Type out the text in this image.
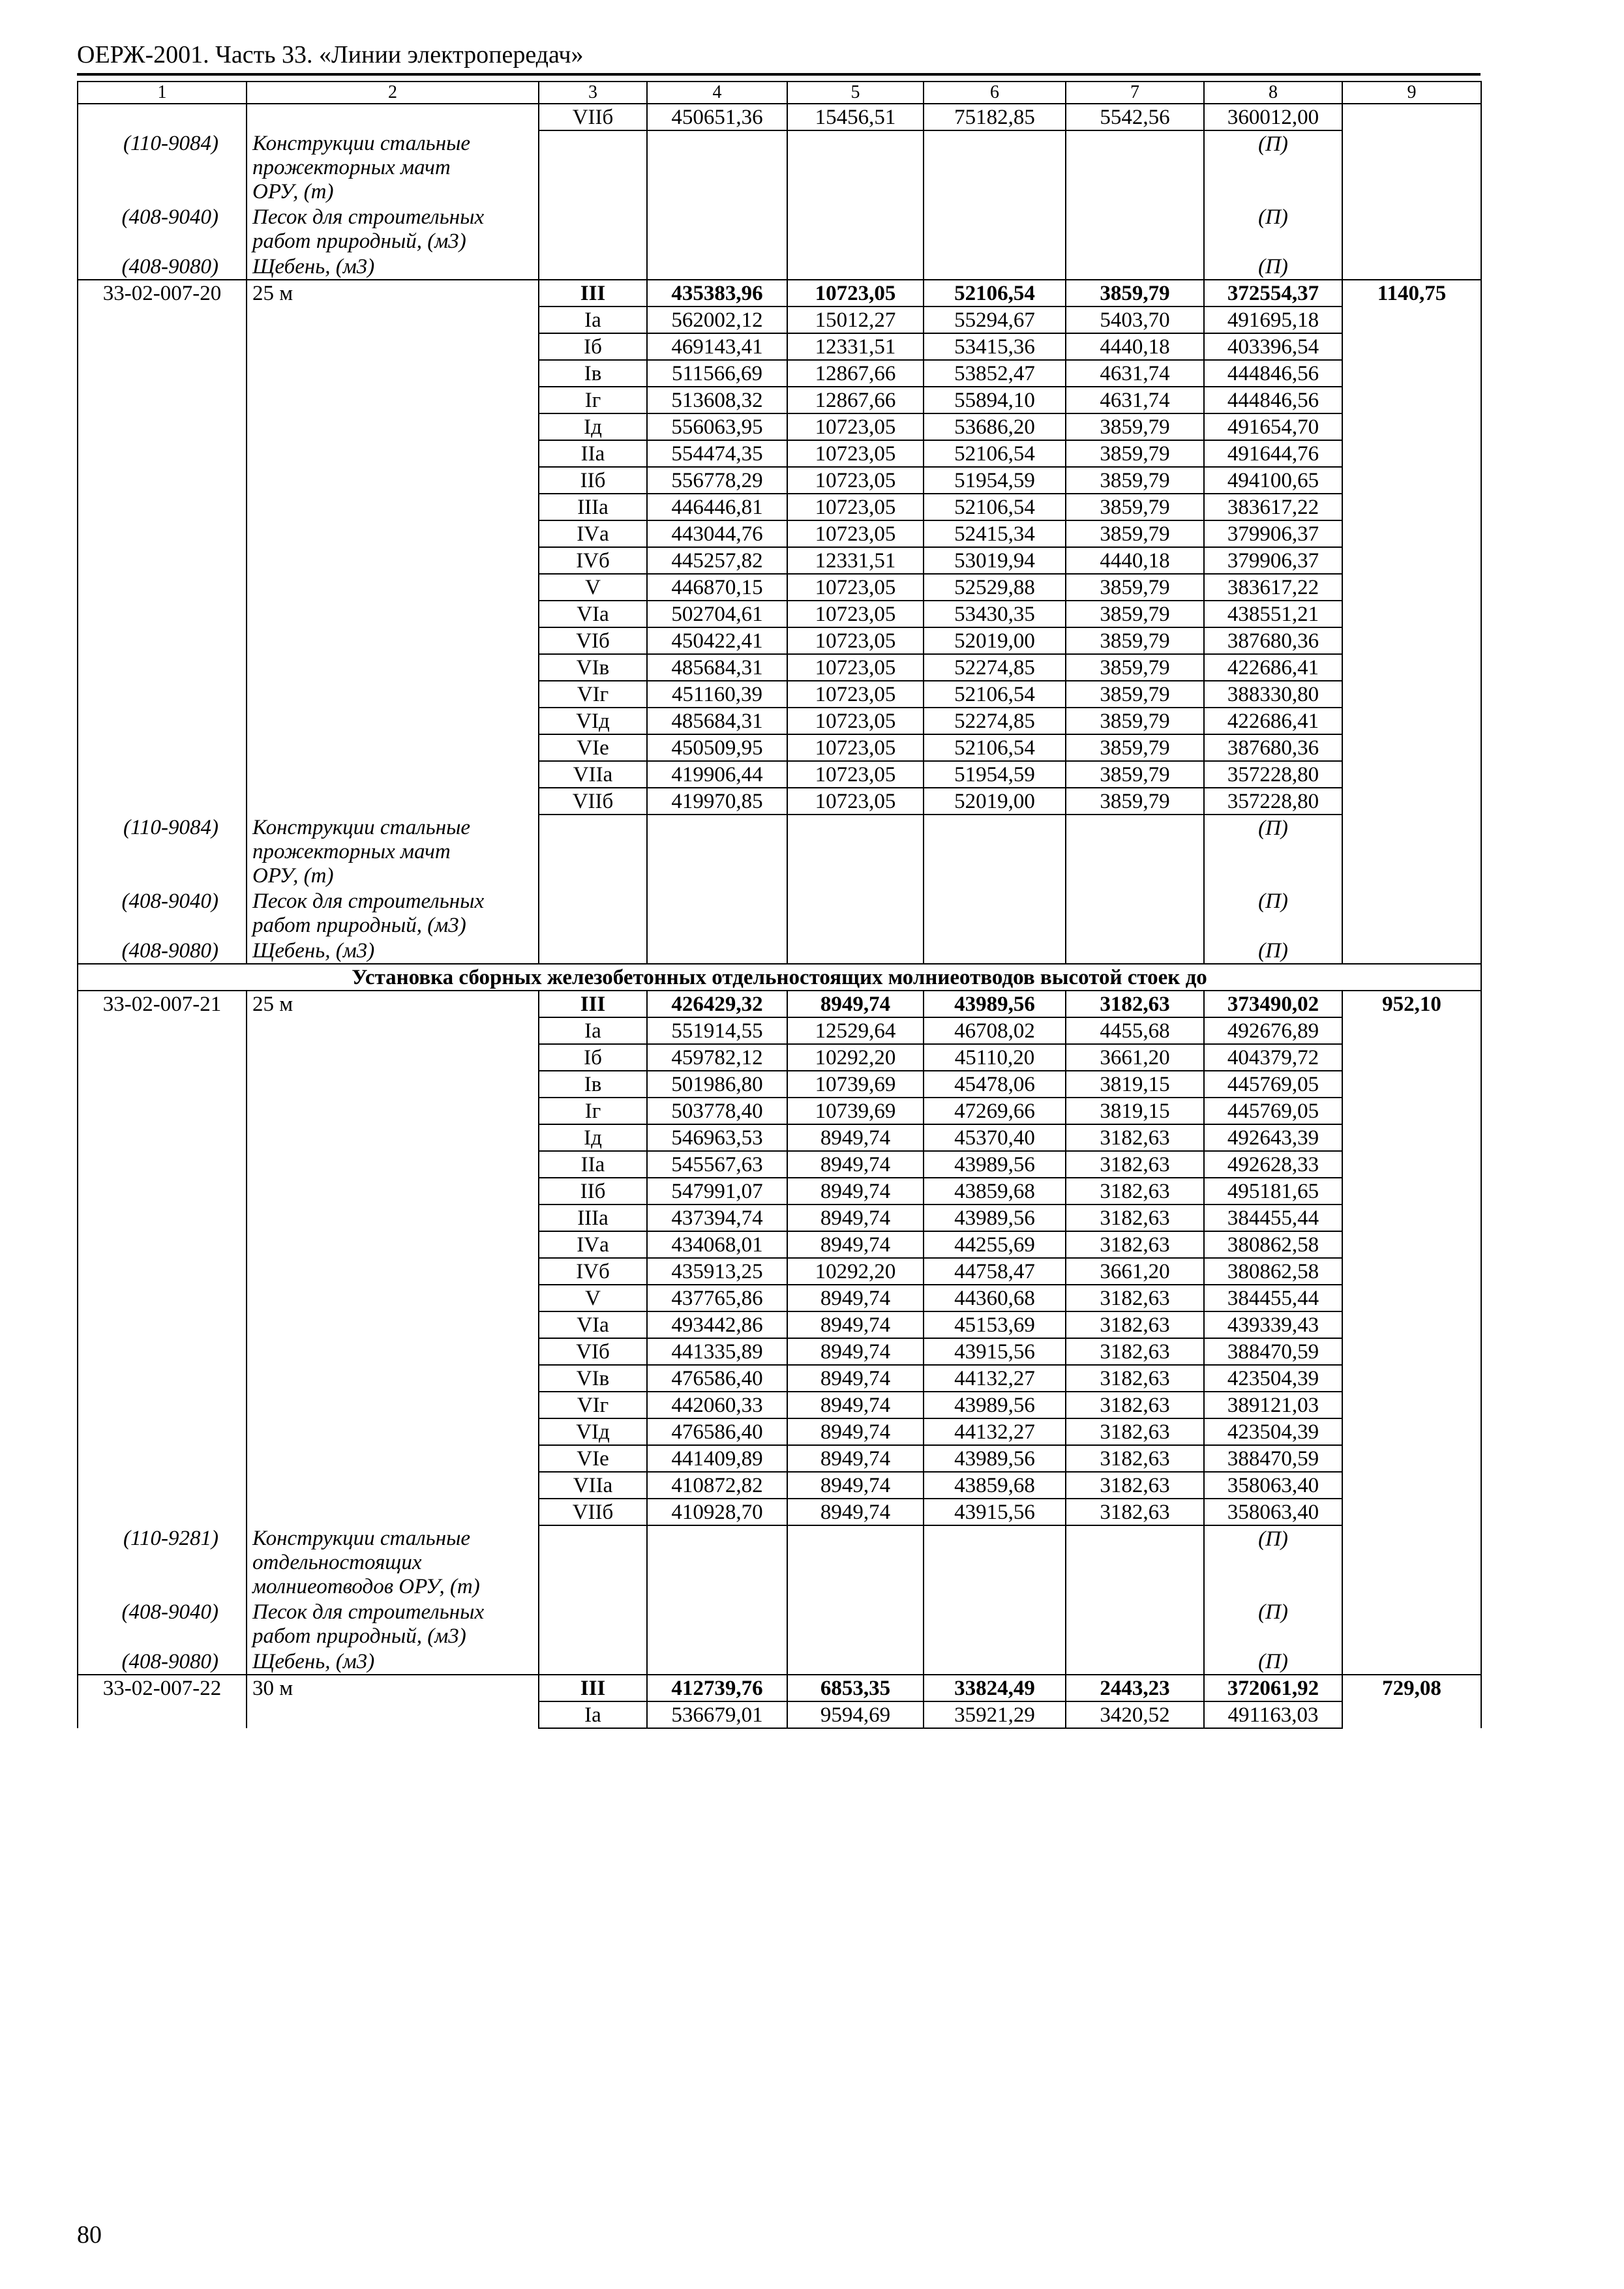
ОЕРЖ-2001. Часть 33. «Линии электропередач»
1	2	3	4	5	6	7	8	9
		VIIб	450651,36	15456,51	75182,85	5542,56	360012,00	
(110-9084)	Конструкции стальные
прожекторных мачт
ОРУ, (т)						(П)	
(408-9040)	Песок для строительных
работ природный, (м3)						(П)	
(408-9080)	Щебень, (м3)						(П)	
33-02-007-20	25 м	III	435383,96	10723,05	52106,54	3859,79	372554,37	1140,75
		Iа	562002,12	15012,27	55294,67	5403,70	491695,18	
		Iб	469143,41	12331,51	53415,36	4440,18	403396,54	
		Iв	511566,69	12867,66	53852,47	4631,74	444846,56	
		Iг	513608,32	12867,66	55894,10	4631,74	444846,56	
		Iд	556063,95	10723,05	53686,20	3859,79	491654,70	
		IIа	554474,35	10723,05	52106,54	3859,79	491644,76	
		IIб	556778,29	10723,05	51954,59	3859,79	494100,65	
		IIIа	446446,81	10723,05	52106,54	3859,79	383617,22	
		IVа	443044,76	10723,05	52415,34	3859,79	379906,37	
		IVб	445257,82	12331,51	53019,94	4440,18	379906,37	
		V	446870,15	10723,05	52529,88	3859,79	383617,22	
		VIа	502704,61	10723,05	53430,35	3859,79	438551,21	
		VIб	450422,41	10723,05	52019,00	3859,79	387680,36	
		VIв	485684,31	10723,05	52274,85	3859,79	422686,41	
		VIг	451160,39	10723,05	52106,54	3859,79	388330,80	
		VIд	485684,31	10723,05	52274,85	3859,79	422686,41	
		VIе	450509,95	10723,05	52106,54	3859,79	387680,36	
		VIIа	419906,44	10723,05	51954,59	3859,79	357228,80	
		VIIб	419970,85	10723,05	52019,00	3859,79	357228,80	
(110-9084)	Конструкции стальные
прожекторных мачт
ОРУ, (т)						(П)	
(408-9040)	Песок для строительных
работ природный, (м3)						(П)	
(408-9080)	Щебень, (м3)						(П)	
Установка сборных железобетонных отдельностоящих молниеотводов высотой стоек до								
33-02-007-21	25 м	III	426429,32	8949,74	43989,56	3182,63	373490,02	952,10
		Iа	551914,55	12529,64	46708,02	4455,68	492676,89	
		Iб	459782,12	10292,20	45110,20	3661,20	404379,72	
		Iв	501986,80	10739,69	45478,06	3819,15	445769,05	
		Iг	503778,40	10739,69	47269,66	3819,15	445769,05	
		Iд	546963,53	8949,74	45370,40	3182,63	492643,39	
		IIа	545567,63	8949,74	43989,56	3182,63	492628,33	
		IIб	547991,07	8949,74	43859,68	3182,63	495181,65	
		IIIа	437394,74	8949,74	43989,56	3182,63	384455,44	
		IVа	434068,01	8949,74	44255,69	3182,63	380862,58	
		IVб	435913,25	10292,20	44758,47	3661,20	380862,58	
		V	437765,86	8949,74	44360,68	3182,63	384455,44	
		VIа	493442,86	8949,74	45153,69	3182,63	439339,43	
		VIб	441335,89	8949,74	43915,56	3182,63	388470,59	
		VIв	476586,40	8949,74	44132,27	3182,63	423504,39	
		VIг	442060,33	8949,74	43989,56	3182,63	389121,03	
		VIд	476586,40	8949,74	44132,27	3182,63	423504,39	
		VIе	441409,89	8949,74	43989,56	3182,63	388470,59	
		VIIа	410872,82	8949,74	43859,68	3182,63	358063,40	
		VIIб	410928,70	8949,74	43915,56	3182,63	358063,40	
(110-9281)	Конструкции стальные
отдельностоящих
молниеотводов ОРУ, (т)						(П)	
(408-9040)	Песок для строительных
работ природный, (м3)						(П)	
(408-9080)	Щебень, (м3)						(П)	
33-02-007-22	30 м	III	412739,76	6853,35	33824,49	2443,23	372061,92	729,08
		Iа	536679,01	9594,69	35921,29	3420,52	491163,03	
80
